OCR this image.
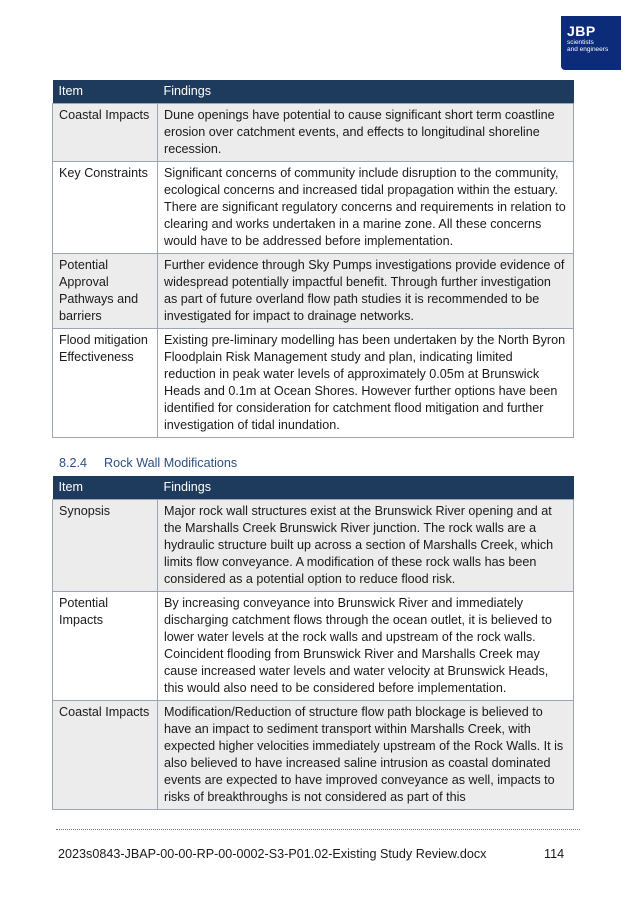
JBP
scientists
and engineers
Item	Findings
Coastal Impacts	Dune openings have potential to cause significant short term coastline erosion over catchment events, and effects to longitudinal shoreline recession.
Key Constraints	Significant concerns of community include disruption to the community, ecological concerns and increased tidal propagation within the estuary. There are significant regulatory concerns and requirements in relation to clearing and works undertaken in a marine zone. All these concerns would have to be addressed before implementation.
Potential Approval Pathways and barriers	Further evidence through Sky Pumps investigations provide evidence of widespread potentially impactful benefit. Through further investigation as part of future overland flow path studies it is recommended to be investigated for impact to drainage networks.
Flood mitigation Effectiveness	Existing pre-liminary modelling has been undertaken by the North Byron Floodplain Risk Management study and plan, indicating limited reduction in peak water levels of approximately 0.05m at Brunswick Heads and 0.1m at Ocean Shores. However further options have been identified for consideration for catchment flood mitigation and further investigation of tidal inundation.
8.2.4 Rock Wall Modifications
Item	Findings
Synopsis	Major rock wall structures exist at the Brunswick River opening and at the Marshalls Creek Brunswick River junction. The rock walls are a hydraulic structure built up across a section of Marshalls Creek, which limits flow conveyance. A modification of these rock walls has been considered as a potential option to reduce flood risk.
Potential Impacts	By increasing conveyance into Brunswick River and immediately discharging catchment flows through the ocean outlet, it is believed to lower water levels at the rock walls and upstream of the rock walls. Coincident flooding from Brunswick River and Marshalls Creek may cause increased water levels and water velocity at Brunswick Heads, this would also need to be considered before implementation.
Coastal Impacts	Modification/Reduction of structure flow path blockage is believed to have an impact to sediment transport within Marshalls Creek, with expected higher velocities immediately upstream of the Rock Walls. It is also believed to have increased saline intrusion as coastal dominated events are expected to have improved conveyance as well, impacts to risks of breakthroughs is not considered as part of this
2023s0843-JBAP-00-00-RP-00-0002-S3-P01.02-Existing Study Review.docx	114
